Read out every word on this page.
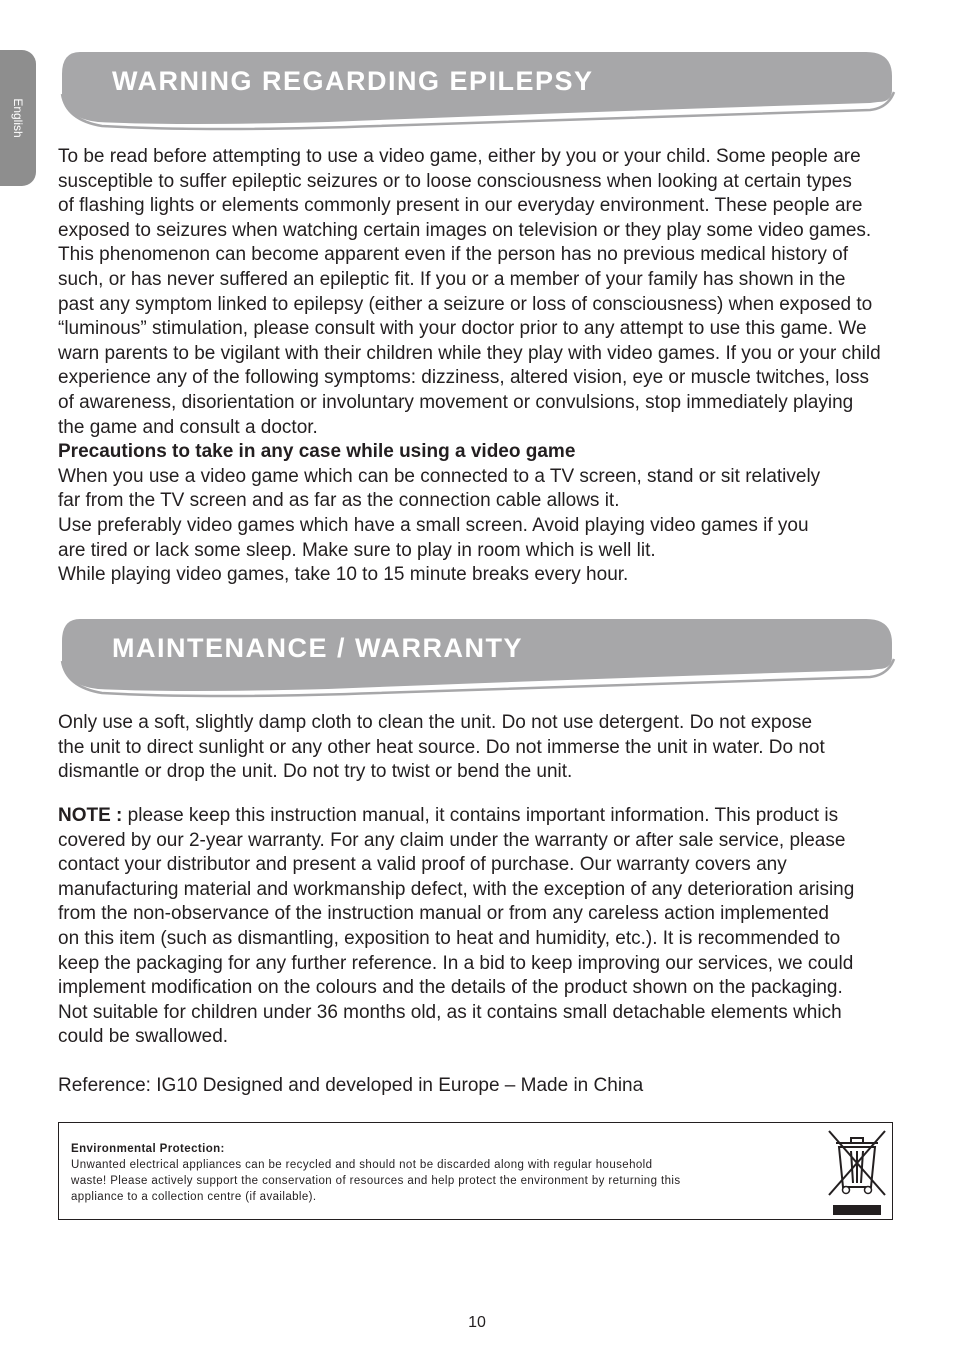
English
WARNING REGARDING EPILEPSY

To be read before attempting to use a video game, either by you or your child. Some people are

susceptible to suffer epileptic seizures or to loose consciousness when looking at certain types

of flashing lights or elements commonly present in our everyday environment. These people are

exposed to seizures when watching certain images on television or they play some video games.

This phenomenon can become apparent even if the person has no previous medical history of

such, or has never suffered an epileptic fit. If you or a member of your family has shown in the

past any symptom linked to epilepsy (either a seizure or loss of consciousness) when exposed to

“luminous” stimulation, please consult with your doctor prior to any attempt to use this game. We

warn parents to be vigilant with their children while they play with video games. If you or your child

experience any of the following symptoms: dizziness, altered vision, eye or muscle twitches, loss

of awareness, disorientation or involuntary movement or convulsions, stop immediately playing

the game and consult a doctor.

Precautions to take in any case while using a video game

When you use a video game which can be connected to a TV screen, stand or sit relatively

far from the TV screen and as far as the connection cable allows it.

Use preferably video games which have a small screen. Avoid playing video games if you

are tired or lack some sleep. Make sure to play in room which is well lit.

While playing video games, take 10 to 15 minute breaks every hour.

MAINTENANCE / WARRANTY

Only use a soft, slightly damp cloth to clean the unit. Do not use detergent. Do not expose

the unit to direct sunlight or any other heat source. Do not immerse the unit in water. Do not

dismantle or drop the unit. Do not try to twist or bend the unit.

NOTE : please keep this instruction manual, it contains important information. This product is

covered by our 2-year warranty. For any claim under the warranty or after sale service, please

contact your distributor and present a valid proof of purchase. Our warranty covers any

manufacturing material and workmanship defect, with the exception of any deterioration arising

from the non-observance of the instruction manual or from any careless action implemented

on this item (such as dismantling, exposition to heat and humidity, etc.). It is recommended to

keep the packaging for any further reference. In a bid to keep improving our services, we could

implement modification on the colours and the details of the product shown on the packaging.

Not suitable for children under 36 months old, as it contains small detachable elements which

could be swallowed.

Reference: IG10 Designed and developed in Europe – Made in China

Environmental Protection:
Unwanted electrical appliances can be recycled and should not be discarded along with regular household
waste! Please actively support the conservation of resources and help protect the environment by returning this
appliance to a collection centre (if available).
10
